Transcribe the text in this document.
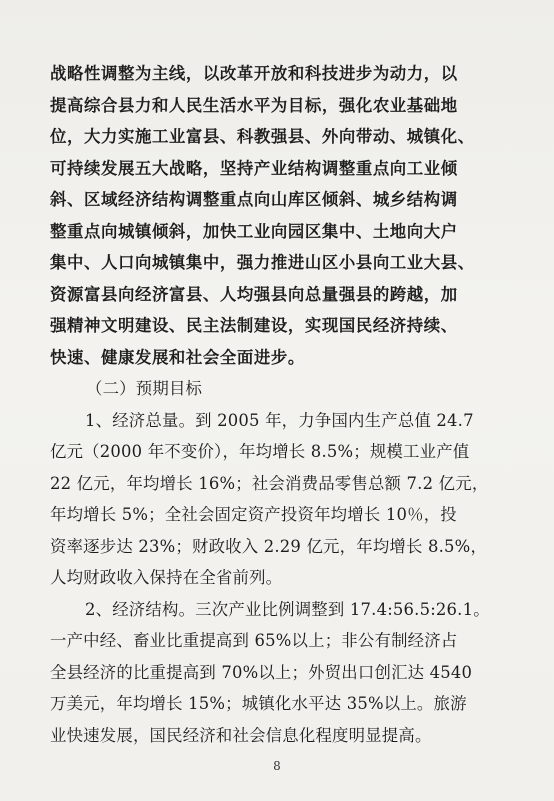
战略性调整为主线，以改革开放和科技进步为动力，以
提高综合县力和人民生活水平为目标，强化农业基础地
位，大力实施工业富县、科教强县、外向带动、城镇化、
可持续发展五大战略，坚持产业结构调整重点向工业倾
斜、区域经济结构调整重点向山库区倾斜、城乡结构调
整重点向城镇倾斜，加快工业向园区集中、土地向大户
集中、人口向城镇集中，强力推进山区小县向工业大县、
资源富县向经济富县、人均强县向总量强县的跨越，加
强精神文明建设、民主法制建设，实现国民经济持续、
快速、健康发展和社会全面进步。
（二）预期目标
1、经济总量。到 2005 年，力争国内生产总值 24.7
亿元（2000 年不变价），年均增长 8.5%；规模工业产值
22 亿元，年均增长 16%；社会消费品零售总额 7.2 亿元，
年均增长 5%；全社会固定资产投资年均增长 10％，投
资率逐步达 23%；财政收入 2.29 亿元，年均增长 8.5%，
人均财政收入保持在全省前列。
2、经济结构。三次产业比例调整到 17.4:56.5:26.1。
一产中经、畜业比重提高到 65%以上；非公有制经济占
全县经济的比重提高到 70%以上；外贸出口创汇达 4540
万美元，年均增长 15%；城镇化水平达 35%以上。旅游
业快速发展，国民经济和社会信息化程度明显提高。
8
